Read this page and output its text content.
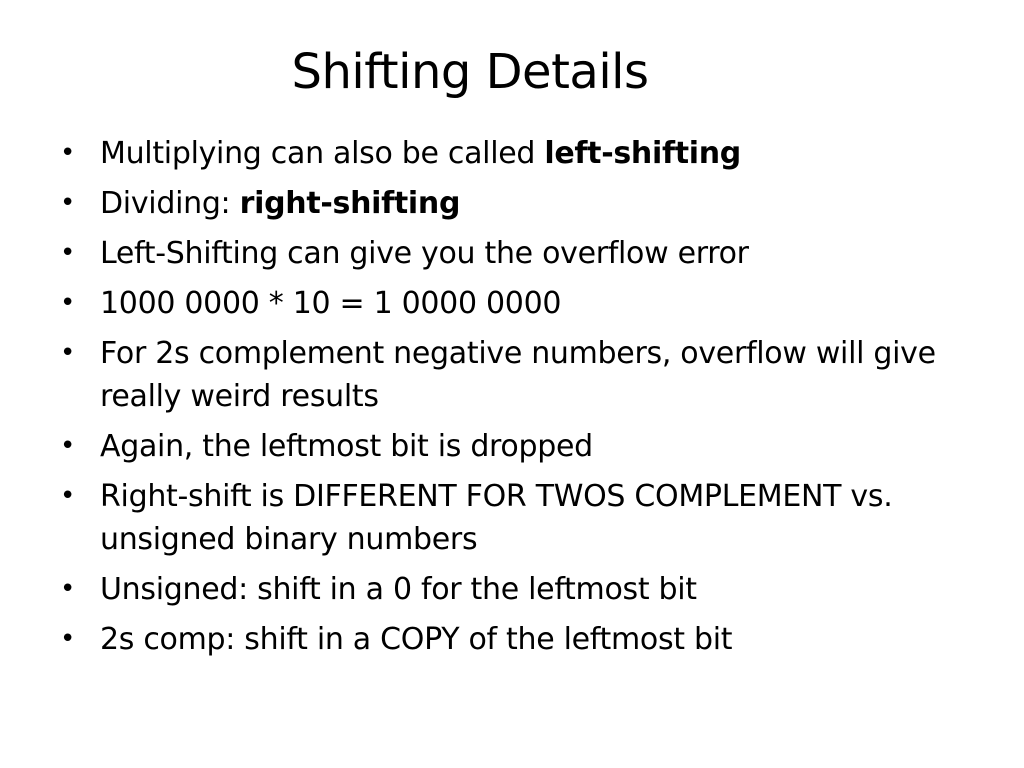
Shifting Details
• Multiplying can also be called left-shifting
• Dividing: right-shifting
• Left-Shifting can give you the overflow error
• 1000 0000 * 10 = 1 0000 0000
• For 2s complement negative numbers, overflow will give really weird results
• Again, the leftmost bit is dropped
• Right-shift is DIFFERENT FOR TWOS COMPLEMENT vs. unsigned binary numbers
• Unsigned: shift in a 0 for the leftmost bit
• 2s comp: shift in a COPY of the leftmost bit
